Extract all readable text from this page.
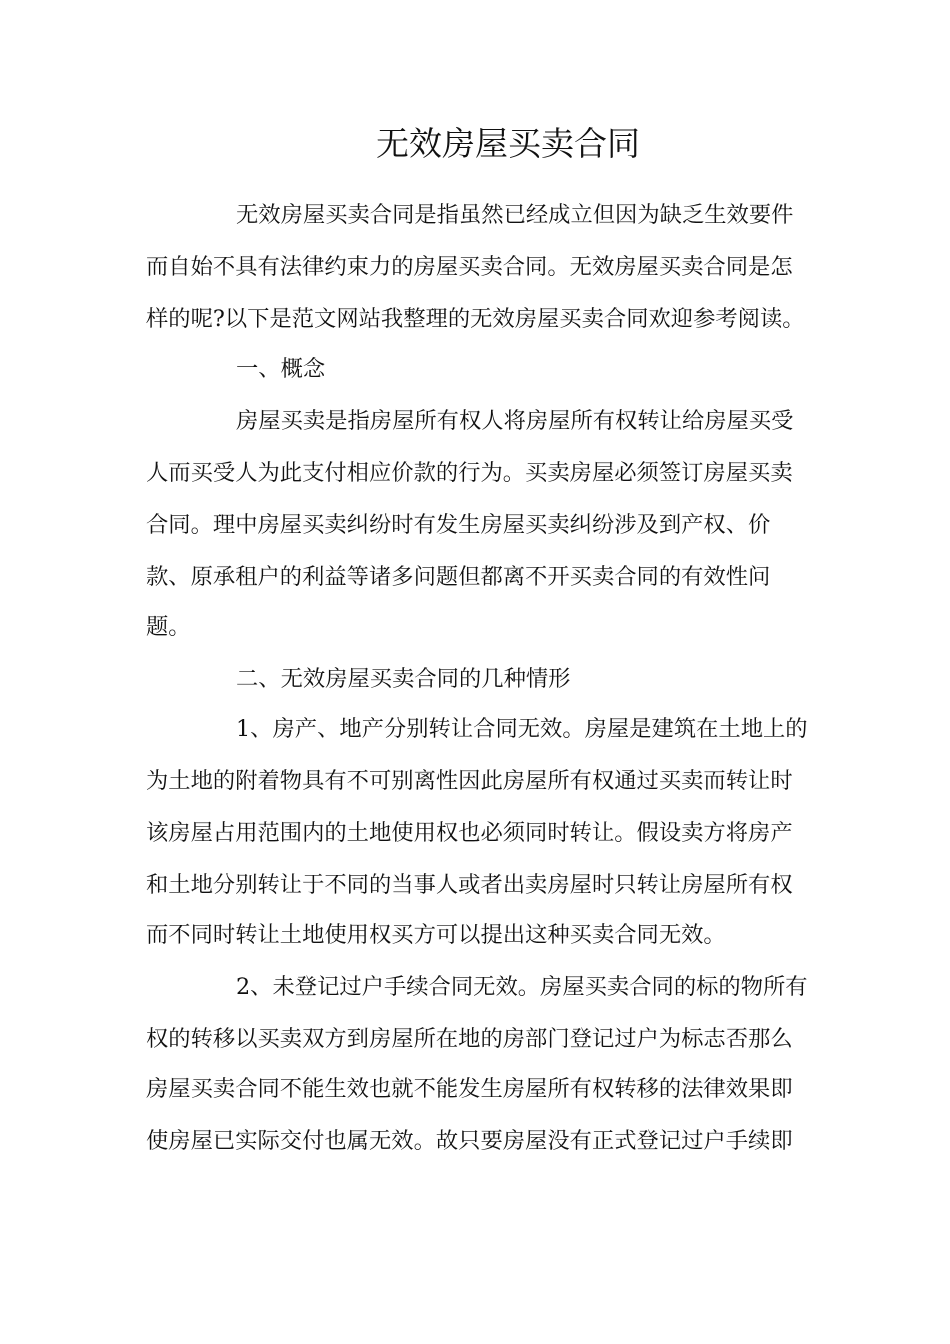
无效房屋买卖合同
无效房屋买卖合同是指虽然已经成立但因为缺乏生效要件
而自始不具有法律约束力的房屋买卖合同。无效房屋买卖合同是怎
样的呢?以下是范文网站我整理的无效房屋买卖合同欢迎参考阅读。
一、概念
房屋买卖是指房屋所有权人将房屋所有权转让给房屋买受
人而买受人为此支付相应价款的行为。买卖房屋必须签订房屋买卖
合同。理中房屋买卖纠纷时有发生房屋买卖纠纷涉及到产权、价
款、原承租户的利益等诸多问题但都离不开买卖合同的有效性问
题。
二、无效房屋买卖合同的几种情形
1、房产、地产分别转让合同无效。房屋是建筑在土地上的
为土地的附着物具有不可别离性因此房屋所有权通过买卖而转让时
该房屋占用范围内的土地使用权也必须同时转让。假设卖方将房产
和土地分别转让于不同的当事人或者出卖房屋时只转让房屋所有权
而不同时转让土地使用权买方可以提出这种买卖合同无效。
2、未登记过户手续合同无效。房屋买卖合同的标的物所有
权的转移以买卖双方到房屋所在地的房部门登记过户为标志否那么
房屋买卖合同不能生效也就不能发生房屋所有权转移的法律效果即
使房屋已实际交付也属无效。故只要房屋没有正式登记过户手续即
